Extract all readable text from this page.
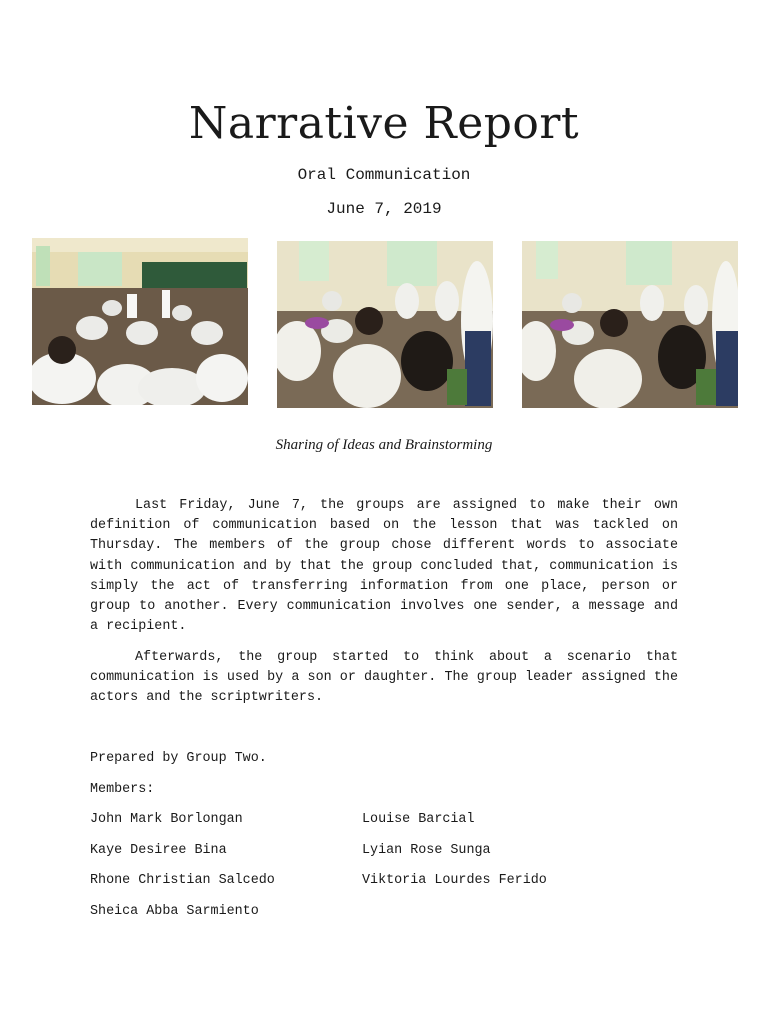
Narrative Report

Oral Communication

June 7, 2019

Sharing of Ideas and Brainstorming

Last Friday, June 7, the groups are assigned to make their own definition of communication based on the lesson that was tackled on Thursday. The members of the group chose different words to associate with communication and by that the group concluded that, communication is simply the act of transferring information from one place, person or group to another. Every communication involves one sender, a message and a recipient.

Afterwards, the group started to think about a scenario that communication is used by a son or daughter. The group leader assigned the actors and the scriptwriters.

Prepared by Group Two.

Members:

John Mark Borlongan	Louise Barcial
Kaye Desiree Bina	Lyian Rose Sunga
Rhone Christian Salcedo	Viktoria Lourdes Ferido
Sheica Abba Sarmiento
